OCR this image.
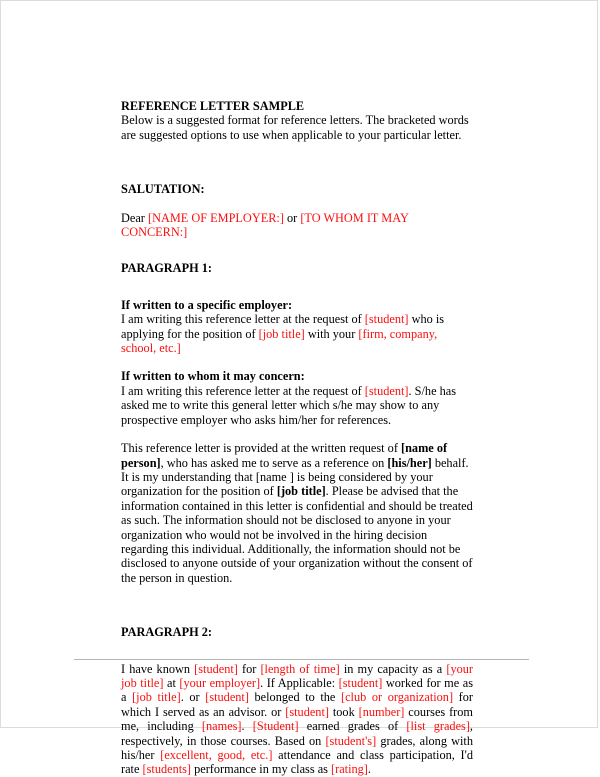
REFERENCE LETTER SAMPLE
Below is a suggested format for reference letters. The bracketed words are suggested options to use when applicable to your particular letter.
SALUTATION:
Dear [NAME OF EMPLOYER:] or [TO WHOM IT MAY CONCERN:]
PARAGRAPH 1:
If written to a specific employer:
I am writing this reference letter at the request of [student] who is applying for the position of [job title] with your [firm, company, school, etc.]
If written to whom it may concern:
I am writing this reference letter at the request of [student]. S/he has asked me to write this general letter which s/he may show to any prospective employer who asks him/her for references.
This reference letter is provided at the written request of [name of person], who has asked me to serve as a reference on [his/her] behalf. It is my understanding that [name ] is being considered by your organization for the position of [job title]. Please be advised that the information contained in this letter is confidential and should be treated as such. The information should not be disclosed to anyone in your organization who would not be involved in the hiring decision regarding this individual. Additionally, the information should not be disclosed to anyone outside of your organization without the consent of the person in question.
PARAGRAPH 2:
I have known [student] for [length of time] in my capacity as a [your job title] at [your employer]. If Applicable: [student] worked for me as a [job title]. or [student] belonged to the [club or organization] for which I served as an advisor. or [student] took [number] courses from me, including [names]. [Student] earned grades of [list grades], respectively, in those courses. Based on [student's] grades, along with his/her [excellent, good, etc.] attendance and class participation, I'd rate [students] performance in my class as [rating].
